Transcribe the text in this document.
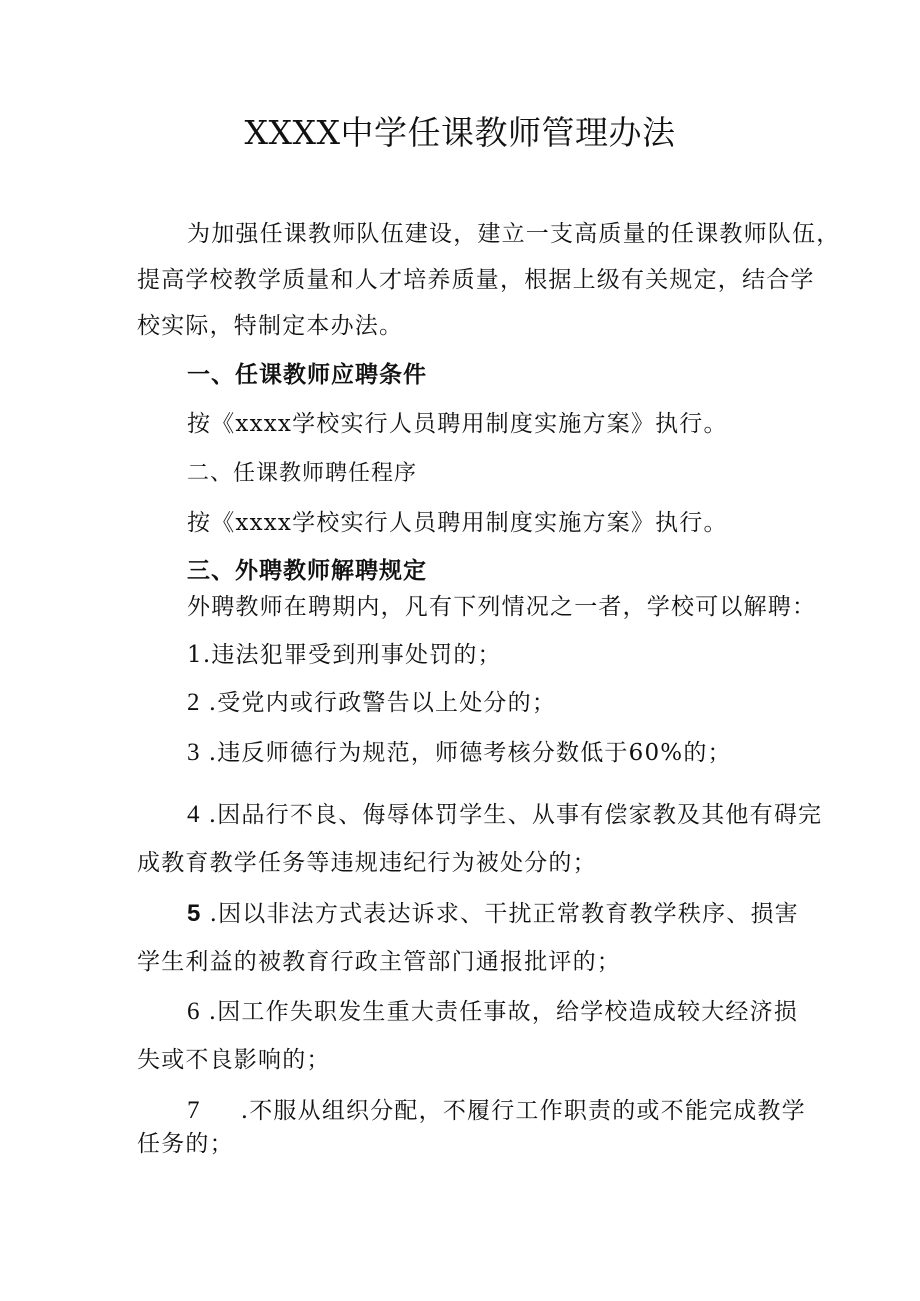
XXXX中学任课教师管理办法
为加强任课教师队伍建设，建立一支高质量的任课教师队伍，
提高学校教学质量和人才培养质量，根据上级有关规定，结合学
校实际，特制定本办法。
一、任课教师应聘条件
按《xxxx学校实行人员聘用制度实施方案》执行。
二、任课教师聘任程序
按《xxxx学校实行人员聘用制度实施方案》执行。
三、外聘教师解聘规定
外聘教师在聘期内，凡有下列情况之一者，学校可以解聘：
1.违法犯罪受到刑事处罚的；
2 .受党内或行政警告以上处分的；
3 .违反师德行为规范，师德考核分数低于60%的；
4 .因品行不良、侮辱体罚学生、从事有偿家教及其他有碍完
成教育教学任务等违规违纪行为被处分的；
5 .因以非法方式表达诉求、干扰正常教育教学秩序、损害
学生利益的被教育行政主管部门通报批评的；
6 .因工作失职发生重大责任事故，给学校造成较大经济损
失或不良影响的；
7 .不服从组织分配，不履行工作职责的或不能完成教学
任务的；
